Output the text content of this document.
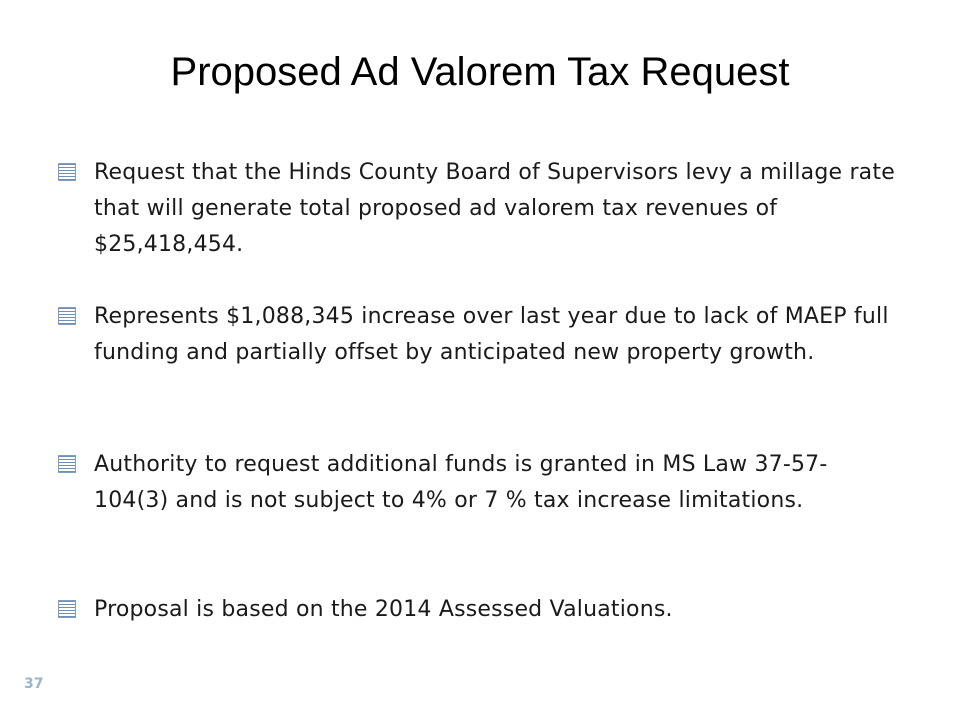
Proposed Ad Valorem Tax Request

Request that the Hinds County Board of Supervisors levy a millage rate that will generate total proposed ad valorem tax revenues of $25,418,454.

Represents $1,088,345 increase over last year due to lack of MAEP full funding and partially offset by anticipated new property growth.

Authority to request additional funds is granted in MS Law 37-57-104(3) and is not subject to 4% or 7 % tax increase limitations.

Proposal is based on the 2014 Assessed Valuations.

37
